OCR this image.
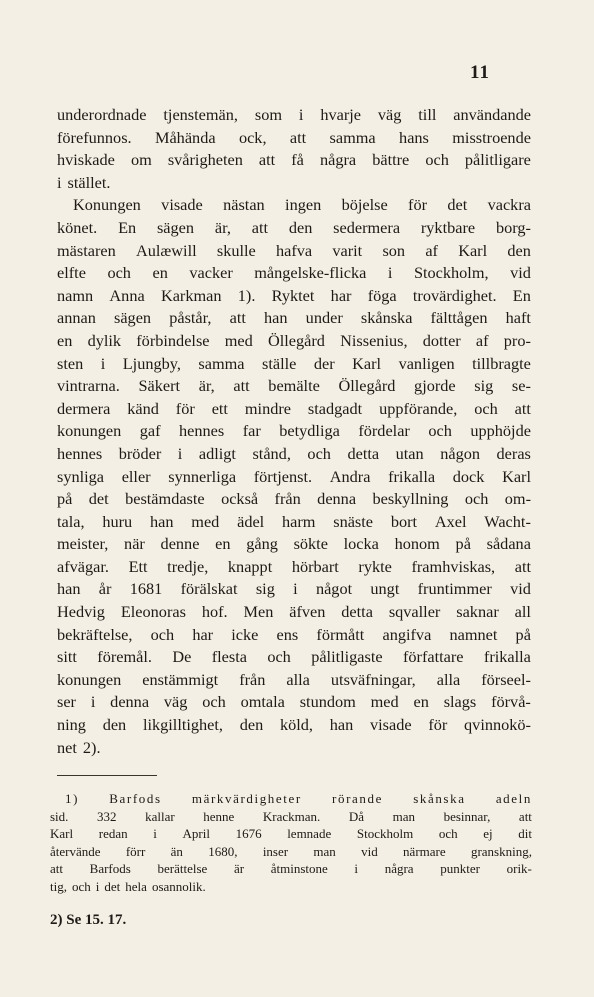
11
underordnade tjenstemän, som i hvarje väg till användande
förefunnos. Måhända ock, att samma hans misstroende
hviskade om svårigheten att få några bättre och pålitligare
i stället.
Konungen visade nästan ingen böjelse för det vackra
könet. En sägen är, att den sedermera ryktbare borg-
mästaren Aulæwill skulle hafva varit son af Karl den
elfte och en vacker mångelske-flicka i Stockholm, vid
namn Anna Karkman 1). Ryktet har föga trovärdighet. En
annan sägen påstår, att han under skånska fälttågen haft
en dylik förbindelse med Öllegård Nissenius, dotter af pro-
sten i Ljungby, samma ställe der Karl vanligen tillbragte
vintrarna. Säkert är, att bemälte Öllegård gjorde sig se-
dermera känd för ett mindre stadgadt uppförande, och att
konungen gaf hennes far betydliga fördelar och upphöjde
hennes bröder i adligt stånd, och detta utan någon deras
synliga eller synnerliga förtjenst. Andra frikalla dock Karl
på det bestämdaste också från denna beskyllning och om-
tala, huru han med ädel harm snäste bort Axel Wacht-
meister, när denne en gång sökte locka honom på sådana
afvägar. Ett tredje, knappt hörbart rykte framhviskas, att
han år 1681 förälskat sig i något ungt fruntimmer vid
Hedvig Eleonoras hof. Men äfven detta sqvaller saknar all
bekräftelse, och har icke ens förmått angifva namnet på
sitt föremål. De flesta och pålitligaste författare frikalla
konungen enstämmigt från alla utsväfningar, alla förseel-
ser i denna väg och omtala stundom med en slags förvå-
ning den likgilltighet, den köld, han visade för qvinnokö-
net 2).
1) Barfods märkvärdigheter rörande skånska adeln
sid. 332 kallar henne Krackman. Då man besinnar, att
Karl redan i April 1676 lemnade Stockholm och ej dit
återvände förr än 1680, inser man vid närmare granskning,
att Barfods berättelse är åtminstone i några punkter orik-
tig, och i det hela osannolik.
2) Se 15. 17.
